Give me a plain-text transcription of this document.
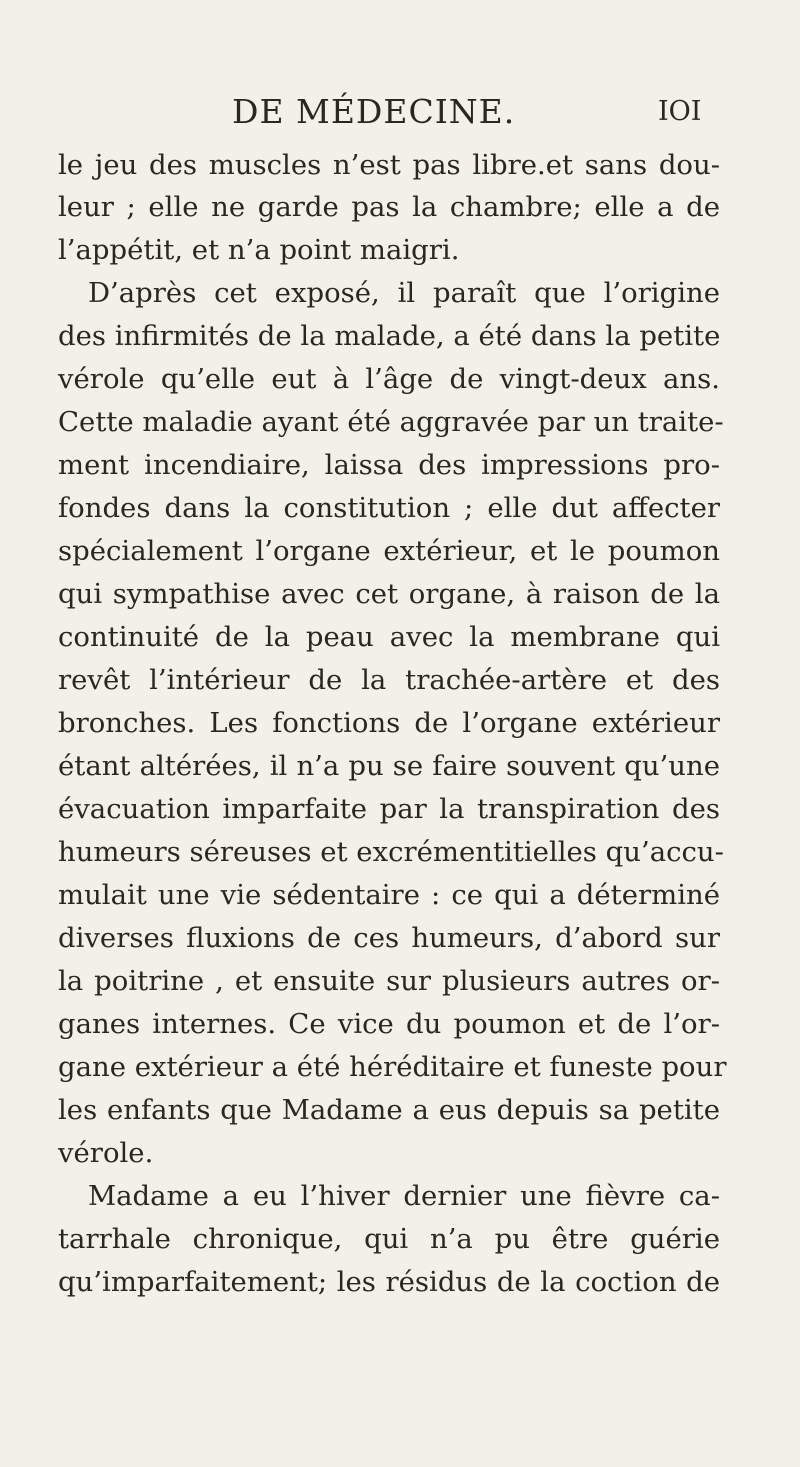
DE MÉDECINE.	IOI
le jeu des muscles n’est pas libre.et sans dou-
leur ; elle ne garde pas la chambre; elle a de
l’appétit, et n’a point maigri.
D’après cet exposé, il paraît que l’origine
des infirmités de la malade, a été dans la petite
vérole qu’elle eut à l’âge de vingt-deux ans.
Cette maladie ayant été aggravée par un traite-
ment incendiaire, laissa des impressions pro-
fondes dans la constitution ; elle dut affecter
spécialement l’organe extérieur, et le poumon
qui sympathise avec cet organe, à raison de la
continuité de la peau avec la membrane qui
revêt l’intérieur de la trachée-artère et des
bronches. Les fonctions de l’organe extérieur
étant altérées, il n’a pu se faire souvent qu’une
évacuation imparfaite par la transpiration des
humeurs séreuses et excrémentitielles qu’accu-
mulait une vie sédentaire : ce qui a déterminé
diverses fluxions de ces humeurs, d’abord sur
la poitrine , et ensuite sur plusieurs autres or-
ganes internes. Ce vice du poumon et de l’or-
gane extérieur a été héréditaire et funeste pour
les enfants que Madame a eus depuis sa petite
vérole.
Madame a eu l’hiver dernier une fièvre ca-
tarrhale chronique, qui n’a pu être guérie
qu’imparfaitement; les résidus de la coction de
